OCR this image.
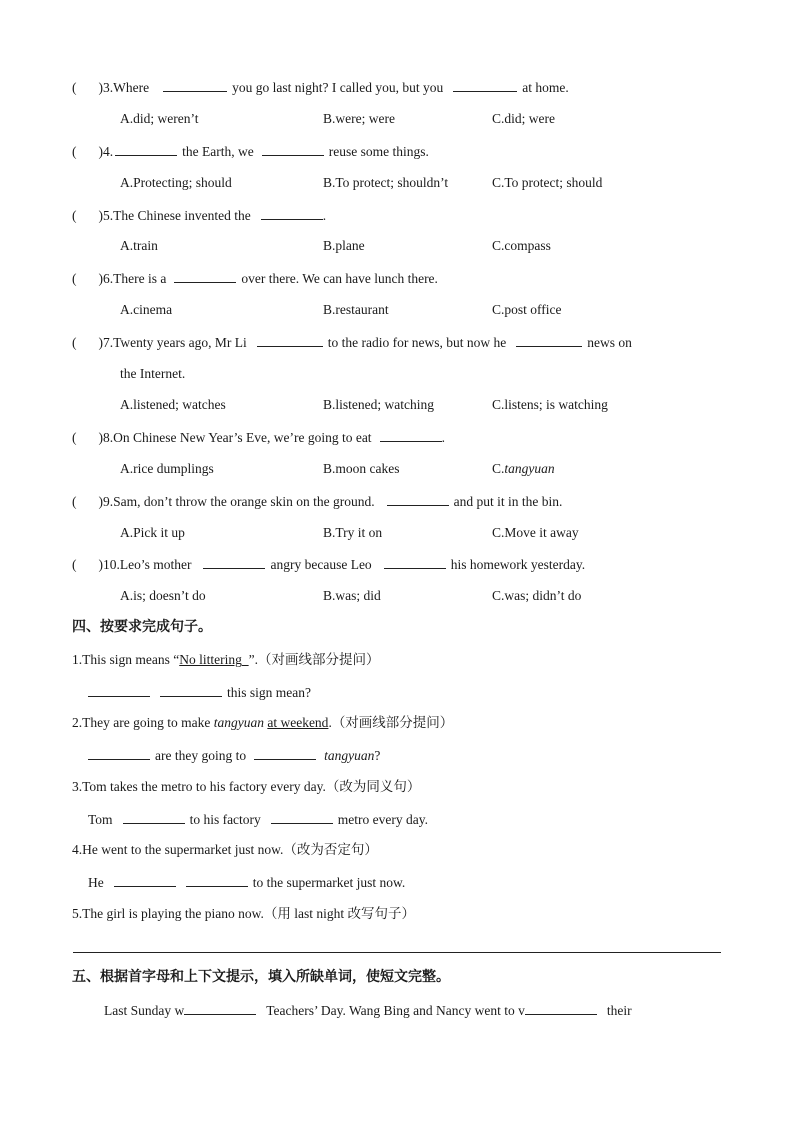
( )3.Where	you go last night? I called you, but you	at home.
A.did; weren’t	B.were; were	C.did; were
( )4.	the Earth, we	reuse some things.
A.Protecting; should	B.To protect; shouldn’t	C.To protect; should
( )5.The Chinese invented the	.
A.train	B.plane	C.compass
( )6.There is a	over there. We can have lunch there.
A.cinema	B.restaurant	C.post office
( )7.Twenty years ago, Mr Li	to the radio for news, but now he	news on
the Internet.
A.listened; watches	B.listened; watching	C.listens; is watching
( )8.On Chinese New Year’s Eve, we’re going to eat	.
A.rice dumplings	B.moon cakes	C.tangyuan
( )9.Sam, don’t throw the orange skin on the ground.	and put it in the bin.
A.Pick it up	B.Try it on	C.Move it away
( )10.Leo’s mother	angry because Leo	his homework yesterday.
A.is; doesn’t do	B.was; did	C.was; didn’t do
四、按要求完成句子。
1.This sign means “No littering ”.（对画线部分提问）
this sign mean?
2.They are going to make tangyuan at weekend.（对画线部分提问）
are they going to	tangyuan?
3.Tom takes the metro to his factory every day.（改为同义句）
Tom	to his factory	metro every day.
4.He went to the supermarket just now.（改为否定句）
He	to the supermarket just now.
5.The girl is playing the piano now.（用 last night 改写句子）
五、根据首字母和上下文提示，填入所缺单词，使短文完整。
Last Sunday w	Teachers’ Day. Wang Bing and Nancy went to v	their
